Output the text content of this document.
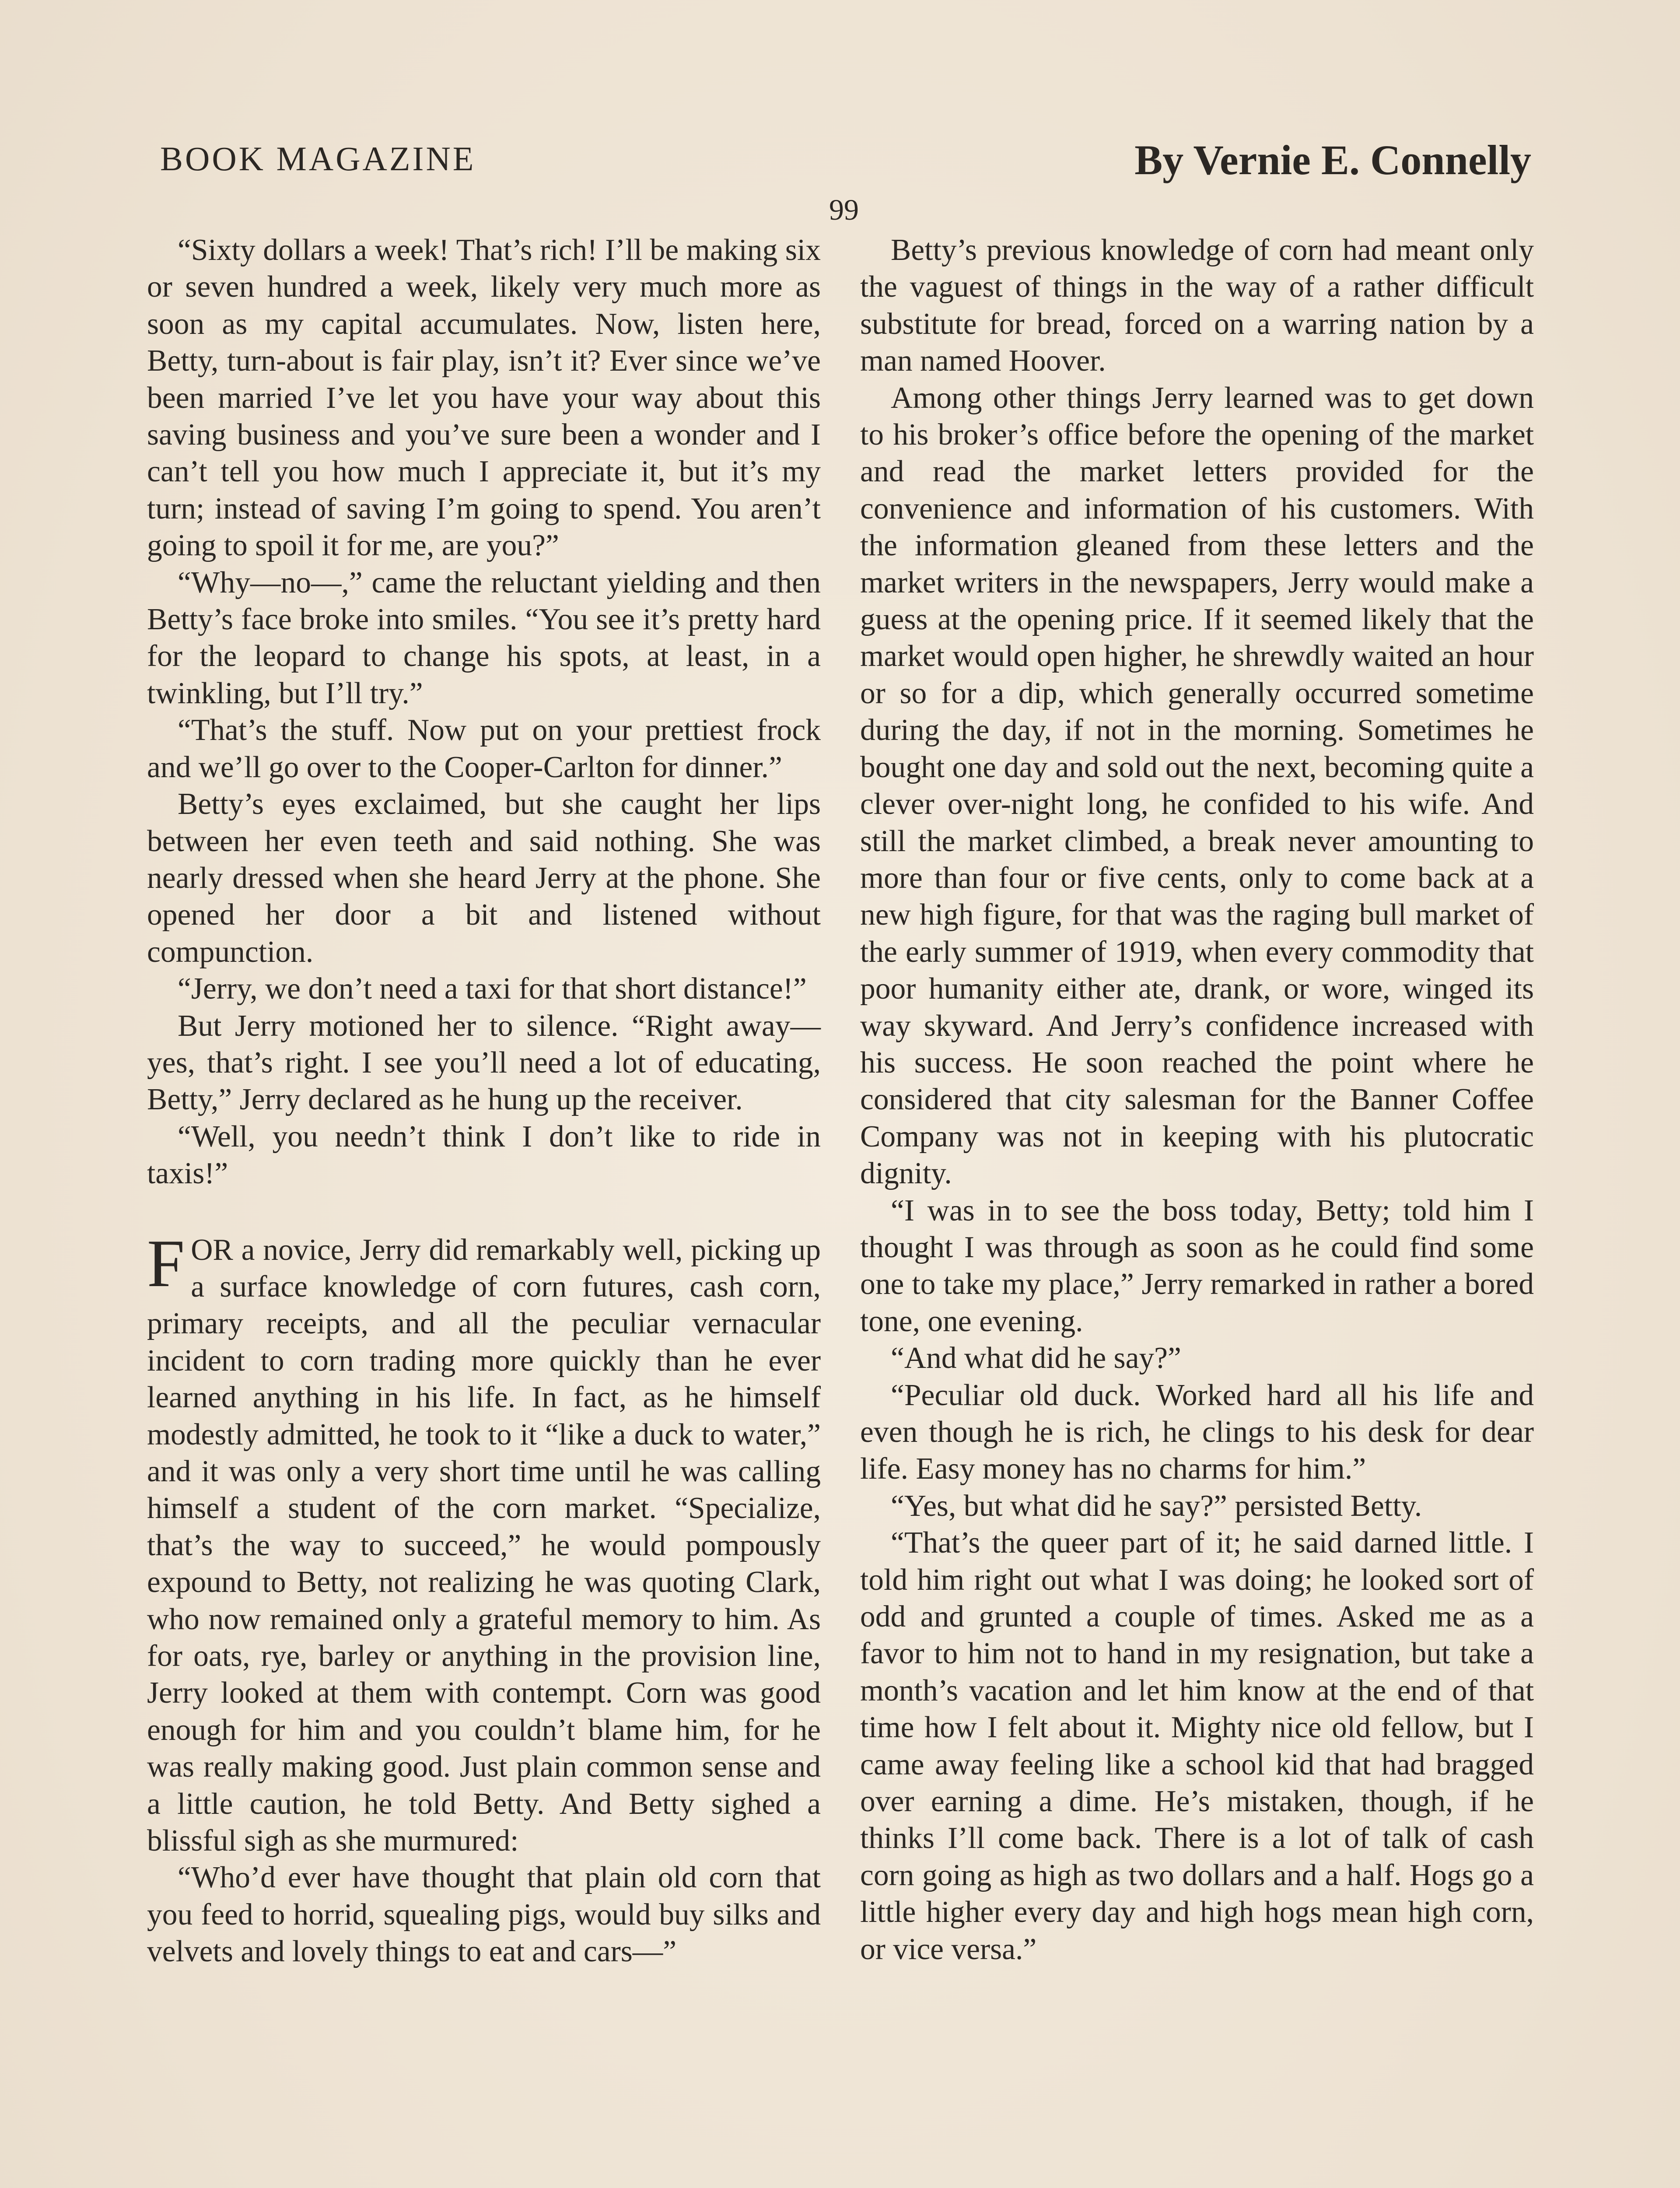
BOOK MAGAZINE	By Vernie E. Connelly
99

“Sixty dollars a week! That’s rich! I’ll be making six or seven hundred a week, likely very much more as soon as my capital accumulates. Now, listen here, Betty, turn-about is fair play, isn’t it? Ever since we’ve been married I’ve let you have your way about this saving business and you’ve sure been a wonder and I can’t tell you how much I appreciate it, but it’s my turn; instead of saving I’m going to spend. You aren’t going to spoil it for me, are you?”

“Why—no—,” came the reluctant yielding and then Betty’s face broke into smiles. “You see it’s pretty hard for the leopard to change his spots, at least, in a twinkling, but I’ll try.”

“That’s the stuff. Now put on your prettiest frock and we’ll go over to the Cooper-Carlton for dinner.”

Betty’s eyes exclaimed, but she caught her lips between her even teeth and said nothing. She was nearly dressed when she heard Jerry at the phone. She opened her door a bit and listened without compunction.

“Jerry, we don’t need a taxi for that short distance!”

But Jerry motioned her to silence. “Right away—yes, that’s right. I see you’ll need a lot of educating, Betty,” Jerry declared as he hung up the receiver.

“Well, you needn’t think I don’t like to ride in taxis!”

FOR a novice, Jerry did remarkably well, picking up a surface knowledge of corn futures, cash corn, primary receipts, and all the peculiar vernacular incident to corn trading more quickly than he ever learned anything in his life. In fact, as he himself modestly admitted, he took to it “like a duck to water,” and it was only a very short time until he was calling himself a student of the corn market. “Specialize, that’s the way to succeed,” he would pompously expound to Betty, not realizing he was quoting Clark, who now remained only a grateful memory to him. As for oats, rye, barley or anything in the provision line, Jerry looked at them with contempt. Corn was good enough for him and you couldn’t blame him, for he was really making good. Just plain common sense and a little caution, he told Betty. And Betty sighed a blissful sigh as she murmured:

“Who’d ever have thought that plain old corn that you feed to horrid, squealing pigs, would buy silks and velvets and lovely things to eat and cars—”

Betty’s previous knowledge of corn had meant only the vaguest of things in the way of a rather difficult substitute for bread, forced on a warring nation by a man named Hoover.

Among other things Jerry learned was to get down to his broker’s office before the opening of the market and read the market letters provided for the convenience and information of his customers. With the information gleaned from these letters and the market writers in the newspapers, Jerry would make a guess at the opening price. If it seemed likely that the market would open higher, he shrewdly waited an hour or so for a dip, which generally occurred sometime during the day, if not in the morning. Sometimes he bought one day and sold out the next, becoming quite a clever over-night long, he confided to his wife. And still the market climbed, a break never amounting to more than four or five cents, only to come back at a new high figure, for that was the raging bull market of the early summer of 1919, when every commodity that poor humanity either ate, drank, or wore, winged its way skyward. And Jerry’s confidence increased with his success. He soon reached the point where he considered that city salesman for the Banner Coffee Company was not in keeping with his plutocratic dignity.

“I was in to see the boss today, Betty; told him I thought I was through as soon as he could find some one to take my place,” Jerry remarked in rather a bored tone, one evening.

“And what did he say?”

“Peculiar old duck. Worked hard all his life and even though he is rich, he clings to his desk for dear life. Easy money has no charms for him.”

“Yes, but what did he say?” persisted Betty.

“That’s the queer part of it; he said darned little. I told him right out what I was doing; he looked sort of odd and grunted a couple of times. Asked me as a favor to him not to hand in my resignation, but take a month’s vacation and let him know at the end of that time how I felt about it. Mighty nice old fellow, but I came away feeling like a school kid that had bragged over earning a dime. He’s mistaken, though, if he thinks I’ll come back. There is a lot of talk of cash corn going as high as two dollars and a half. Hogs go a little higher every day and high hogs mean high corn, or vice versa.”
